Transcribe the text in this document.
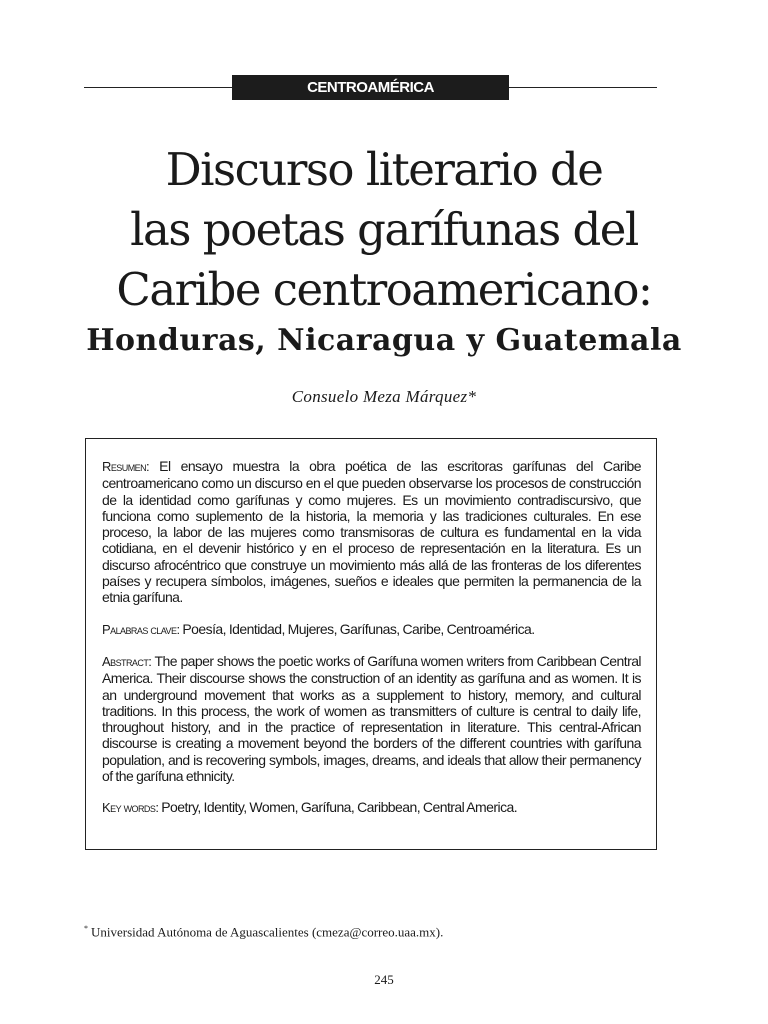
CENTROAMÉRICA
Discurso literario de
las poetas garífunas del
Caribe centroamericano:
Honduras, Nicaragua y Guatemala
Consuelo Meza Márquez*

Resumen: El ensayo muestra la obra poética de las escritoras garífunas del Caribe centroamericano como un discurso en el que pueden observarse los procesos de construcción de la identidad como garífunas y como mujeres. Es un movimiento contradiscursivo, que funciona como suplemento de la historia, la memoria y las tradiciones culturales. En ese proceso, la labor de las mujeres como transmisoras de cultura es fundamental en la vida cotidiana, en el devenir histórico y en el proceso de representación en la literatura. Es un discurso afrocéntrico que construye un movimiento más allá de las fronteras de los diferentes países y recupera símbolos, imágenes, sueños e ideales que permiten la permanencia de la etnia garífuna.

Palabras clave: Poesía, Identidad, Mujeres, Garífunas, Caribe, Centroamérica.

Abstract: The paper shows the poetic works of Garífuna women writers from Caribbean Central America. Their discourse shows the construction of an identity as garífuna and as women. It is an underground movement that works as a supplement to history, memory, and cultural traditions. In this process, the work of women as transmitters of culture is central to daily life, throughout history, and in the practice of representation in literature. This central-African discourse is creating a movement beyond the borders of the different countries with garífuna population, and is recovering symbols, images, dreams, and ideals that allow their permanency of the garífuna ethnicity.

Key words: Poetry, Identity, Women, Garífuna, Caribbean, Central America.

* Universidad Autónoma de Aguascalientes (cmeza@correo.uaa.mx).
245
